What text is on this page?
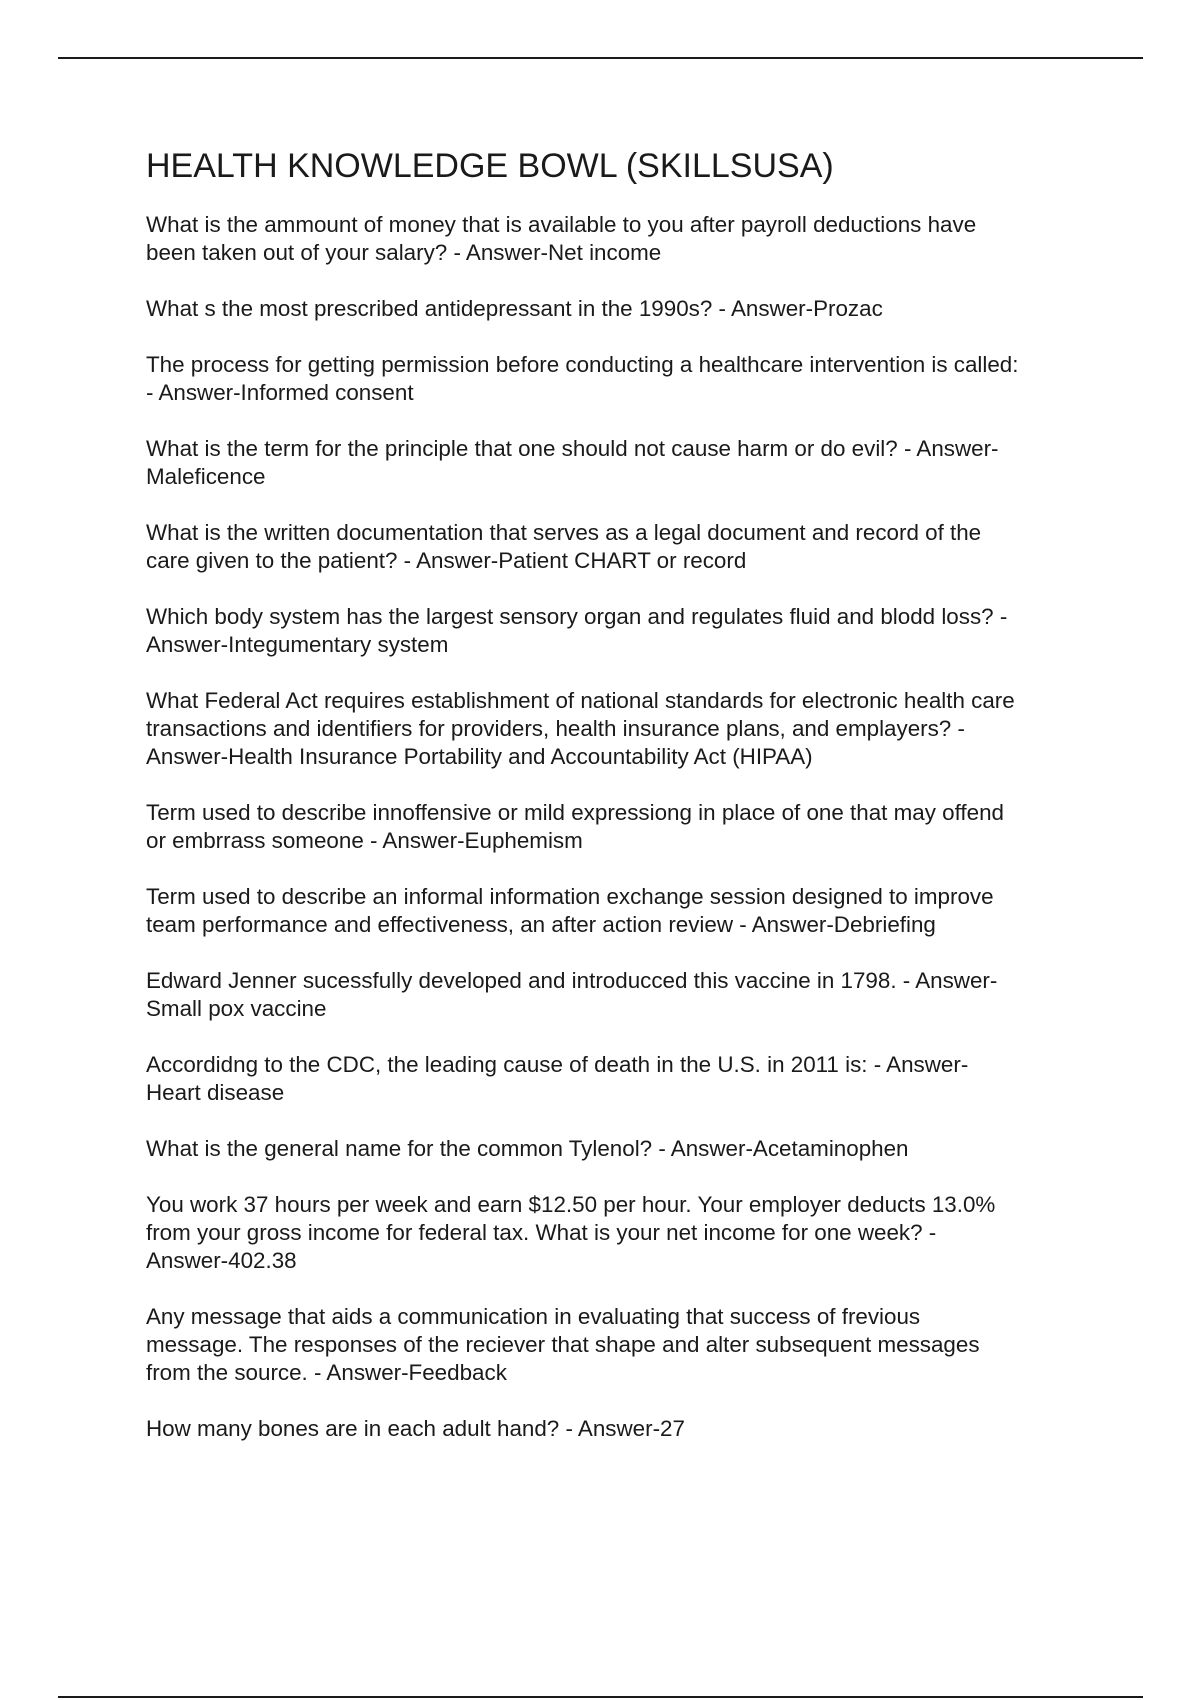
HEALTH KNOWLEDGE BOWL (SKILLSUSA)
What is the ammount of money that is available to you after payroll deductions have
been taken out of your salary? - Answer-Net income
What s the most prescribed antidepressant in the 1990s? - Answer-Prozac
The process for getting permission before conducting a healthcare intervention is called:
- Answer-Informed consent
What is the term for the principle that one should not cause harm or do evil? - Answer-
Maleficence
What is the written documentation that serves as a legal document and record of the
care given to the patient? - Answer-Patient CHART or record
Which body system has the largest sensory organ and regulates fluid and blodd loss? -
Answer-Integumentary system
What Federal Act requires establishment of national standards for electronic health care
transactions and identifiers for providers, health insurance plans, and emplayers? -
Answer-Health Insurance Portability and Accountability Act (HIPAA)
Term used to describe innoffensive or mild expressiong in place of one that may offend
or embrrass someone - Answer-Euphemism
Term used to describe an informal information exchange session designed to improve
team performance and effectiveness, an after action review - Answer-Debriefing
Edward Jenner sucessfully developed and introducced this vaccine in 1798. - Answer-
Small pox vaccine
Accordidng to the CDC, the leading cause of death in the U.S. in 2011 is: - Answer-
Heart disease
What is the general name for the common Tylenol? - Answer-Acetaminophen
You work 37 hours per week and earn $12.50 per hour. Your employer deducts 13.0%
from your gross income for federal tax. What is your net income for one week? -
Answer-402.38
Any message that aids a communication in evaluating that success of frevious
message. The responses of the reciever that shape and alter subsequent messages
from the source. - Answer-Feedback
How many bones are in each adult hand? - Answer-27
